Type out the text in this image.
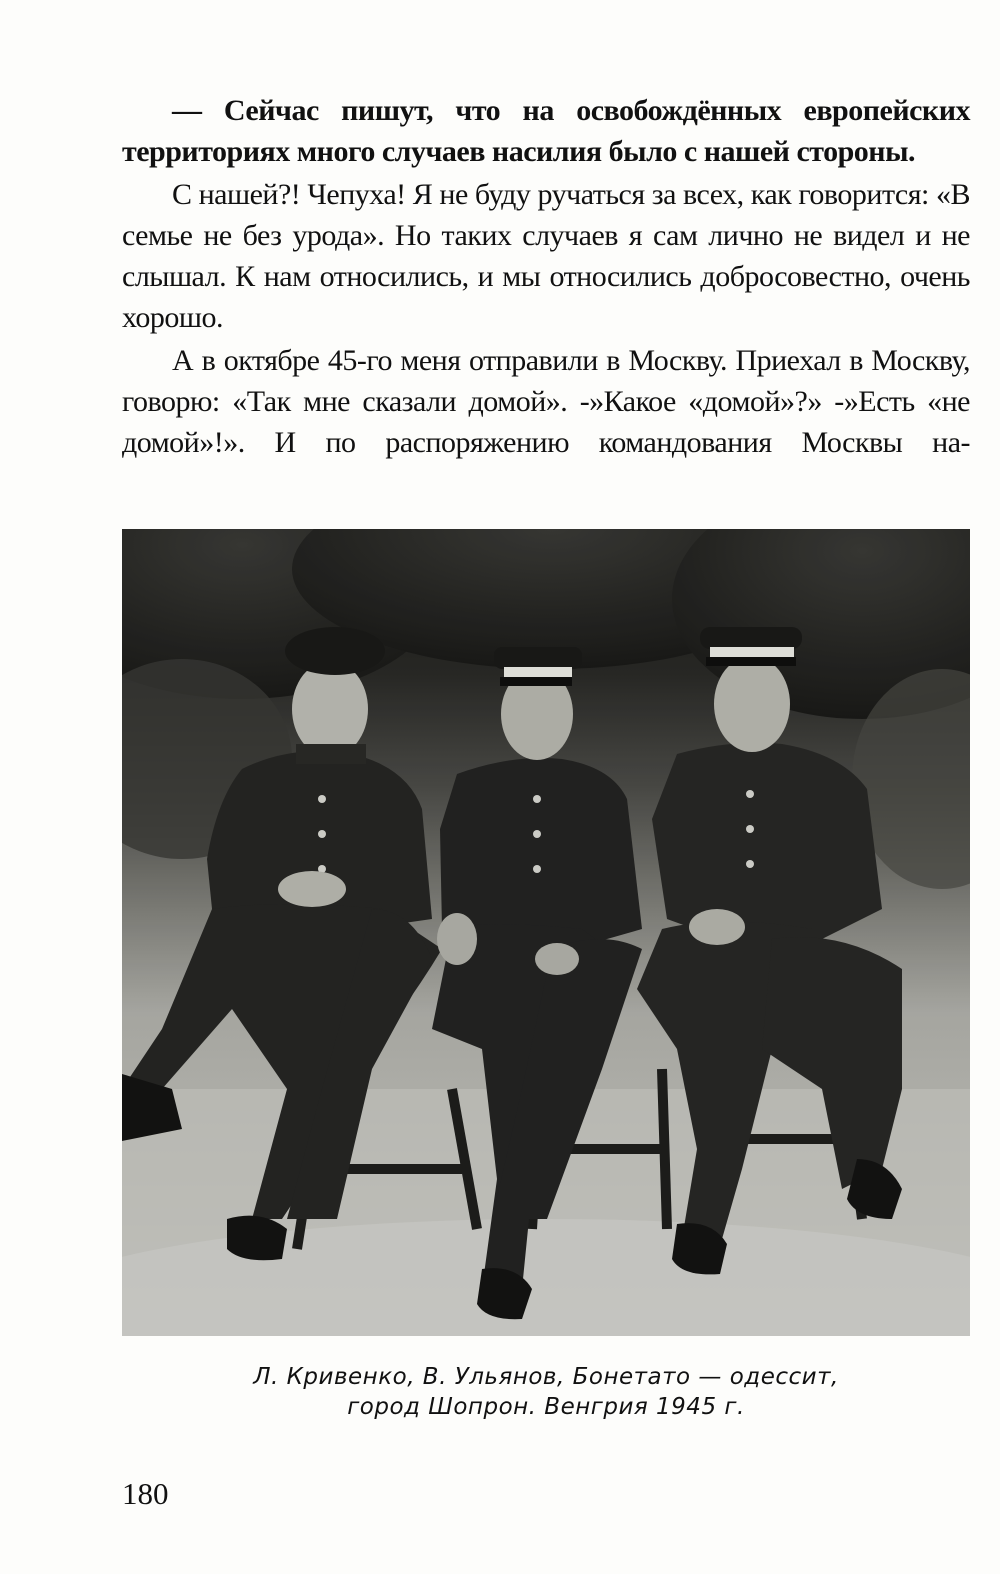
— Сейчас пишут, что на освобождённых европейских территориях много случаев насилия было с нашей стороны.

С нашей?! Чепуха! Я не буду ручаться за всех, как говорится: «В семье не без урода». Но таких случаев я сам лично не видел и не слышал. К нам относились, и мы относились добросовестно, очень хорошо.

А в октябре 45-го меня отправили в Москву. Приехал в Москву, говорю: «Так мне сказали домой». -»Какое «домой»?» -»Есть «не домой»!». И по распоряжению командования Москвы на-

Л. Кривенко, В. Ульянов, Бонетато — одессит,
город Шопрон. Венгрия 1945 г.
180
